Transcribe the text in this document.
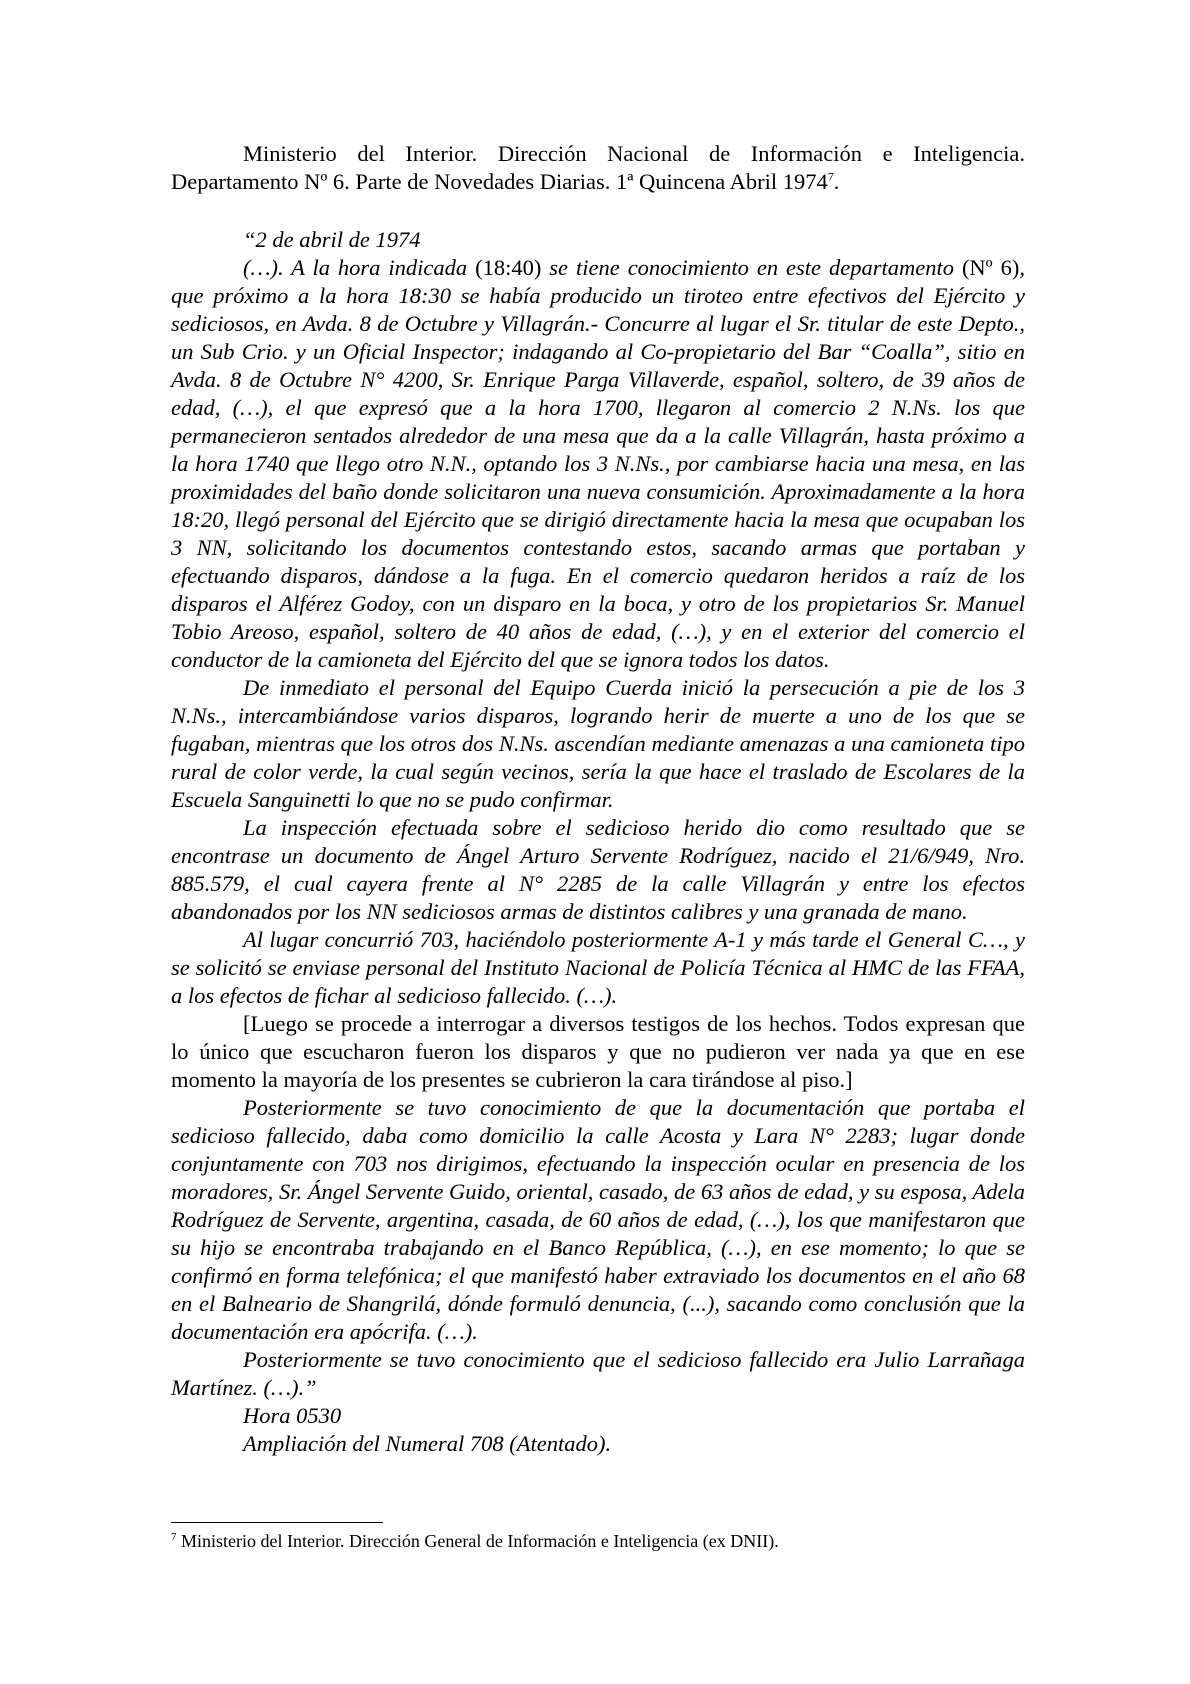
Ministerio del Interior. Dirección Nacional de Información e Inteligencia. Departamento Nº 6. Parte de Novedades Diarias. 1ª Quincena Abril 1974$^7$.

“2 de abril de 1974

(…). A la hora indicada (18:40) se tiene conocimiento en este departamento (Nº 6), que próximo a la hora 18:30 se había producido un tiroteo entre efectivos del Ejército y sediciosos, en Avda. 8 de Octubre y Villagrán.- Concurre al lugar el Sr. titular de este Depto., un Sub Crio. y un Oficial Inspector; indagando al Co-propietario del Bar “Coalla”, sitio en Avda. 8 de Octubre N° 4200, Sr. Enrique Parga Villaverde, español, soltero, de 39 años de edad, (…), el que expresó que a la hora 1700, llegaron al comercio 2 N.Ns. los que permanecieron sentados alrededor de una mesa que da a la calle Villagrán, hasta próximo a la hora 1740 que llego otro N.N., optando los 3 N.Ns., por cambiarse hacia una mesa, en las proximidades del baño donde solicitaron una nueva consumición. Aproximadamente a la hora 18:20, llegó personal del Ejército que se dirigió directamente hacia la mesa que ocupaban los 3 NN, solicitando los documentos contestando estos, sacando armas que portaban y efectuando disparos, dándose a la fuga. En el comercio quedaron heridos a raíz de los disparos el Alférez Godoy, con un disparo en la boca, y otro de los propietarios Sr. Manuel Tobio Areoso, español, soltero de 40 años de edad, (…), y en el exterior del comercio el conductor de la camioneta del Ejército del que se ignora todos los datos.

De inmediato el personal del Equipo Cuerda inició la persecución a pie de los 3 N.Ns., intercambiándose varios disparos, logrando herir de muerte a uno de los que se fugaban, mientras que los otros dos N.Ns. ascendían mediante amenazas a una camioneta tipo rural de color verde, la cual según vecinos, sería la que hace el traslado de Escolares de la Escuela Sanguinetti lo que no se pudo confirmar.

La inspección efectuada sobre el sedicioso herido dio como resultado que se encontrase un documento de Ángel Arturo Servente Rodríguez, nacido el 21/6/949, Nro. 885.579, el cual cayera frente al N° 2285 de la calle Villagrán y entre los efectos abandonados por los NN sediciosos armas de distintos calibres y una granada de mano.

Al lugar concurrió 703, haciéndolo posteriormente A-1 y más tarde el General C…, y se solicitó se enviase personal del Instituto Nacional de Policía Técnica al HMC de las FFAA, a los efectos de fichar al sedicioso fallecido. (…).

[Luego se procede a interrogar a diversos testigos de los hechos. Todos expresan que lo único que escucharon fueron los disparos y que no pudieron ver nada ya que en ese momento la mayoría de los presentes se cubrieron la cara tirándose al piso.]

Posteriormente se tuvo conocimiento de que la documentación que portaba el sedicioso fallecido, daba como domicilio la calle Acosta y Lara N° 2283; lugar donde conjuntamente con 703 nos dirigimos, efectuando la inspección ocular en presencia de los moradores, Sr. Ángel Servente Guido, oriental, casado, de 63 años de edad, y su esposa, Adela Rodríguez de Servente, argentina, casada, de 60 años de edad, (…), los que manifestaron que su hijo se encontraba trabajando en el Banco República, (…), en ese momento; lo que se confirmó en forma telefónica; el que manifestó haber extraviado los documentos en el año 68 en el Balneario de Shangrilá, dónde formuló denuncia, (...), sacando como conclusión que la documentación era apócrifa. (…).

Posteriormente se tuvo conocimiento que el sedicioso fallecido era Julio Larrañaga Martínez. (…).”

Hora 0530

Ampliación del Numeral 708 (Atentado).

$^7$ Ministerio del Interior. Dirección General de Información e Inteligencia (ex DNII).
